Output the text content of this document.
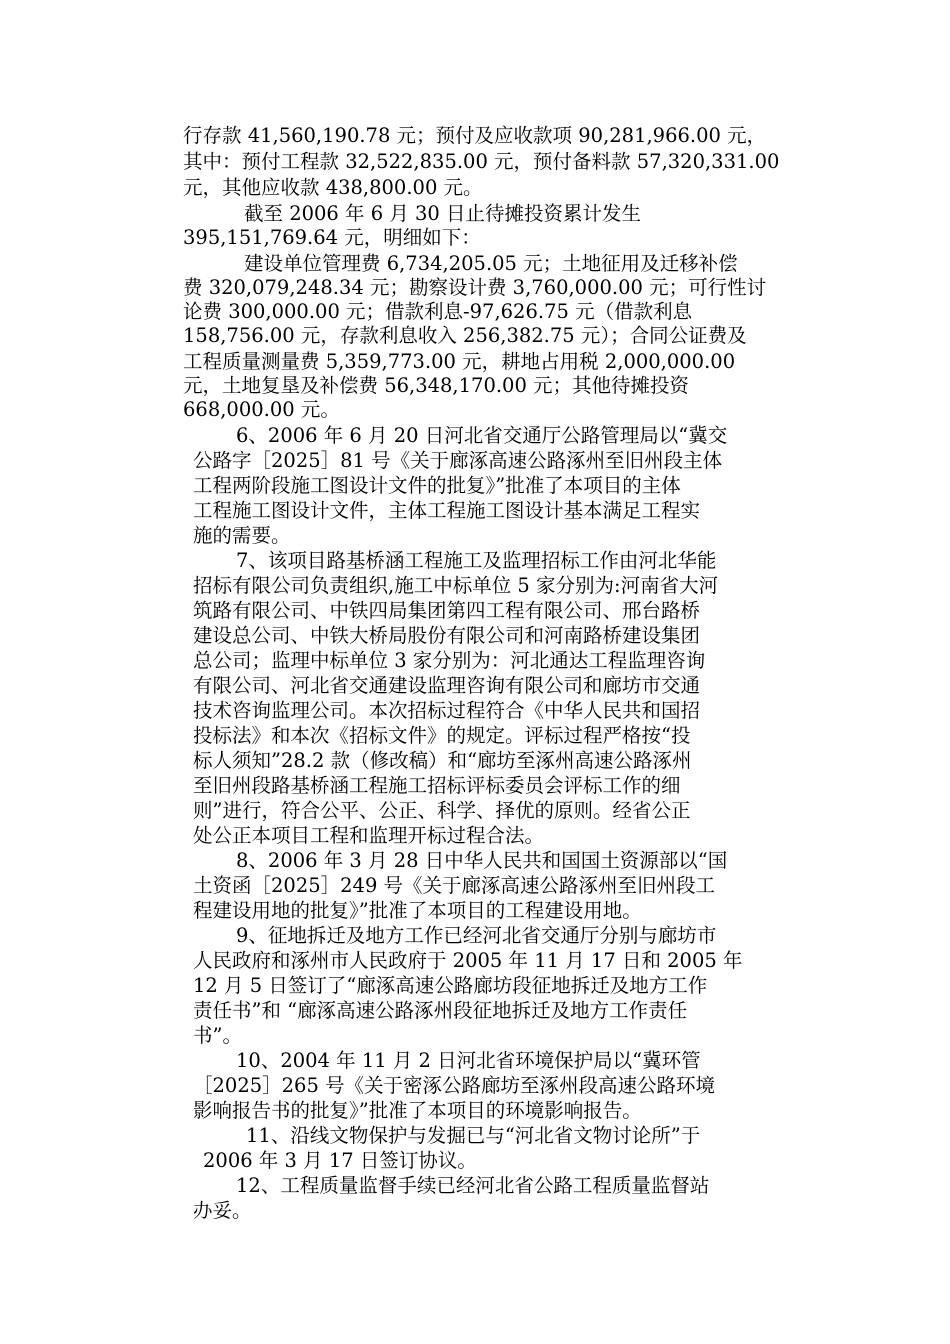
行存款 41,560,190.78 元；预付及应收款项 90,281,966.00 元，
其中：预付工程款 32,522,835.00 元，预付备料款 57,320,331.00
元，其他应收款 438,800.00 元。
截至 2006 年 6 月 30 日止待摊投资累计发生
395,151,769.64 元，明细如下：
建设单位管理费 6,734,205.05 元；土地征用及迁移补偿
费 320,079,248.34 元；勘察设计费 3,760,000.00 元；可行性讨
论费 300,000.00 元；借款利息-97,626.75 元（借款利息
158,756.00 元，存款利息收入 256,382.75 元）；合同公证费及
工程质量测量费 5,359,773.00 元，耕地占用税 2,000,000.00
元，土地复垦及补偿费 56,348,170.00 元；其他待摊投资
668,000.00 元。
6、2006 年 6 月 20 日河北省交通厅公路管理局以“冀交
公路字［2025］81 号《关于廊涿高速公路涿州至旧州段主体
工程两阶段施工图设计文件的批复》”批准了本项目的主体
工程施工图设计文件，主体工程施工图设计基本满足工程实
施的需要。
7、该项目路基桥涵工程施工及监理招标工作由河北华能
招标有限公司负责组织,施工中标单位 5 家分别为:河南省大河
筑路有限公司、中铁四局集团第四工程有限公司、邢台路桥
建设总公司、中铁大桥局股份有限公司和河南路桥建设集团
总公司；监理中标单位 3 家分别为：河北通达工程监理咨询
有限公司、河北省交通建设监理咨询有限公司和廊坊市交通
技术咨询监理公司。本次招标过程符合《中华人民共和国招
投标法》和本次《招标文件》的规定。评标过程严格按“投
标人须知”28.2 款（修改稿）和“廊坊至涿州高速公路涿州
至旧州段路基桥涵工程施工招标评标委员会评标工作的细
则”进行，符合公平、公正、科学、择优的原则。经省公正
处公正本项目工程和监理开标过程合法。
8、2006 年 3 月 28 日中华人民共和国国土资源部以“国
土资函［2025］249 号《关于廊涿高速公路涿州至旧州段工
程建设用地的批复》”批准了本项目的工程建设用地。
9、征地拆迁及地方工作已经河北省交通厅分别与廊坊市
人民政府和涿州市人民政府于 2005 年 11 月 17 日和 2005 年
12 月 5 日签订了“廊涿高速公路廊坊段征地拆迁及地方工作
责任书”和 “廊涿高速公路涿州段征地拆迁及地方工作责任
书”。
10、2004 年 11 月 2 日河北省环境保护局以“冀环管
［2025］265 号《关于密涿公路廊坊至涿州段高速公路环境
影响报告书的批复》”批准了本项目的环境影响报告。
11、沿线文物保护与发掘已与“河北省文物讨论所”于
2006 年 3 月 17 日签订协议。
12、工程质量监督手续已经河北省公路工程质量监督站
办妥。
